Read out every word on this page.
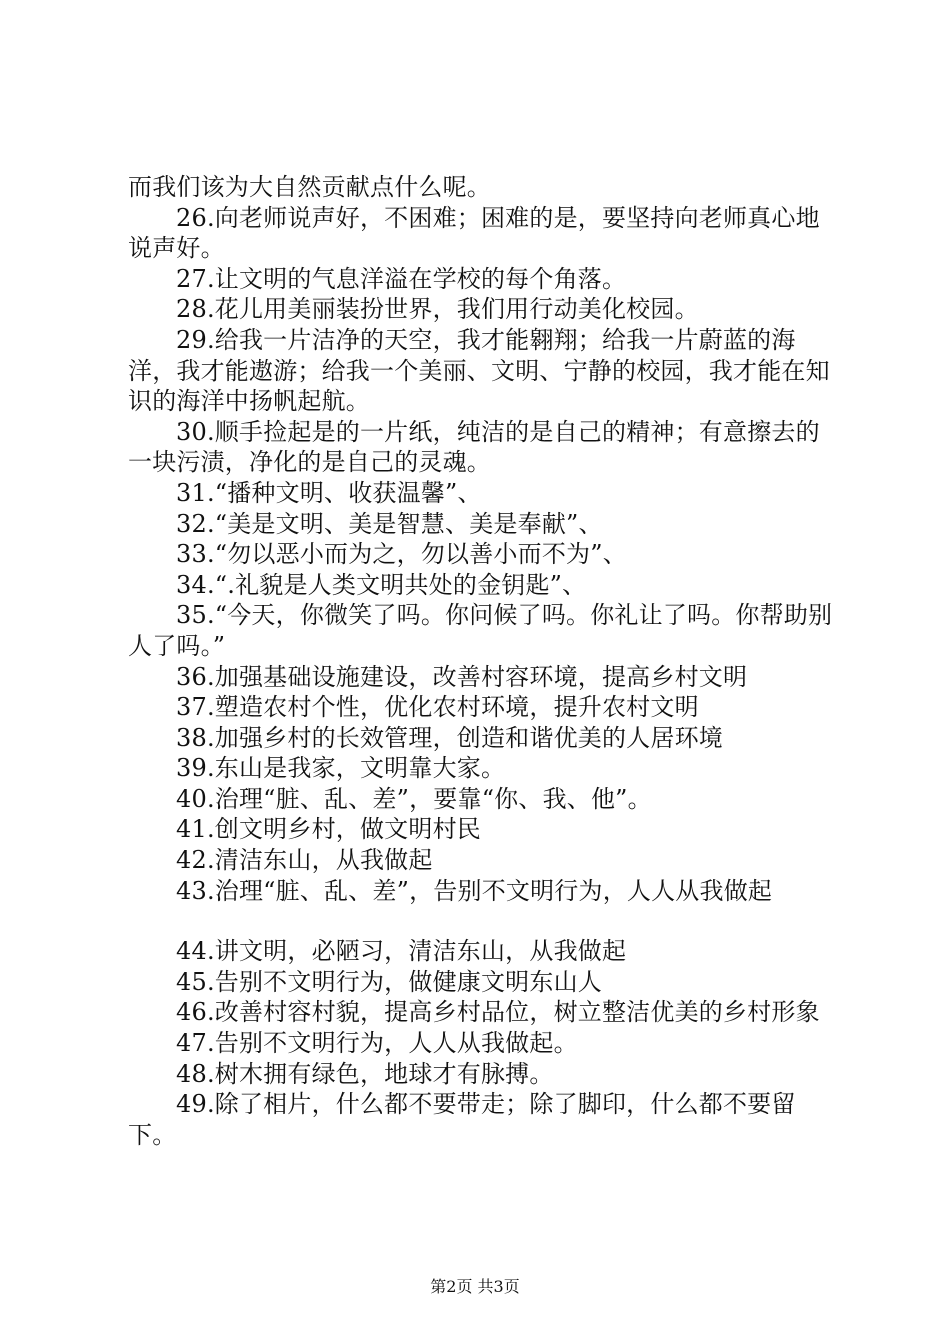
而我们该为大自然贡献点什么呢。

26.向老师说声好，不困难；困难的是，要坚持向老师真心地说声好。

27.让文明的气息洋溢在学校的每个角落。

28.花儿用美丽装扮世界，我们用行动美化校园。

29.给我一片洁净的天空，我才能翱翔；给我一片蔚蓝的海洋，我才能遨游；给我一个美丽、文明、宁静的校园，我才能在知识的海洋中扬帆起航。

30.顺手捡起是的一片纸，纯洁的是自己的精神；有意擦去的一块污渍，净化的是自己的灵魂。

31.“播种文明、收获温馨”、

32.“美是文明、美是智慧、美是奉献”、

33.“勿以恶小而为之，勿以善小而不为”、

34.“.礼貌是人类文明共处的金钥匙”、

35.“今天，你微笑了吗。你问候了吗。你礼让了吗。你帮助别人了吗。”

36.加强基础设施建设，改善村容环境，提高乡村文明

37.塑造农村个性，优化农村环境，提升农村文明

38.加强乡村的长效管理，创造和谐优美的人居环境

39.东山是我家，文明靠大家。

40.治理“脏、乱、差”，要靠“你、我、他”。

41.创文明乡村，做文明村民

42.清洁东山，从我做起

43.治理“脏、乱、差”，告别不文明行为，人人从我做起

44.讲文明，必陋习，清洁东山，从我做起

45.告别不文明行为，做健康文明东山人

46.改善村容村貌，提高乡村品位，树立整洁优美的乡村形象

47.告别不文明行为，人人从我做起。

48.树木拥有绿色，地球才有脉搏。

49.除了相片，什么都不要带走；除了脚印，什么都不要留下。

第2页 共3页
